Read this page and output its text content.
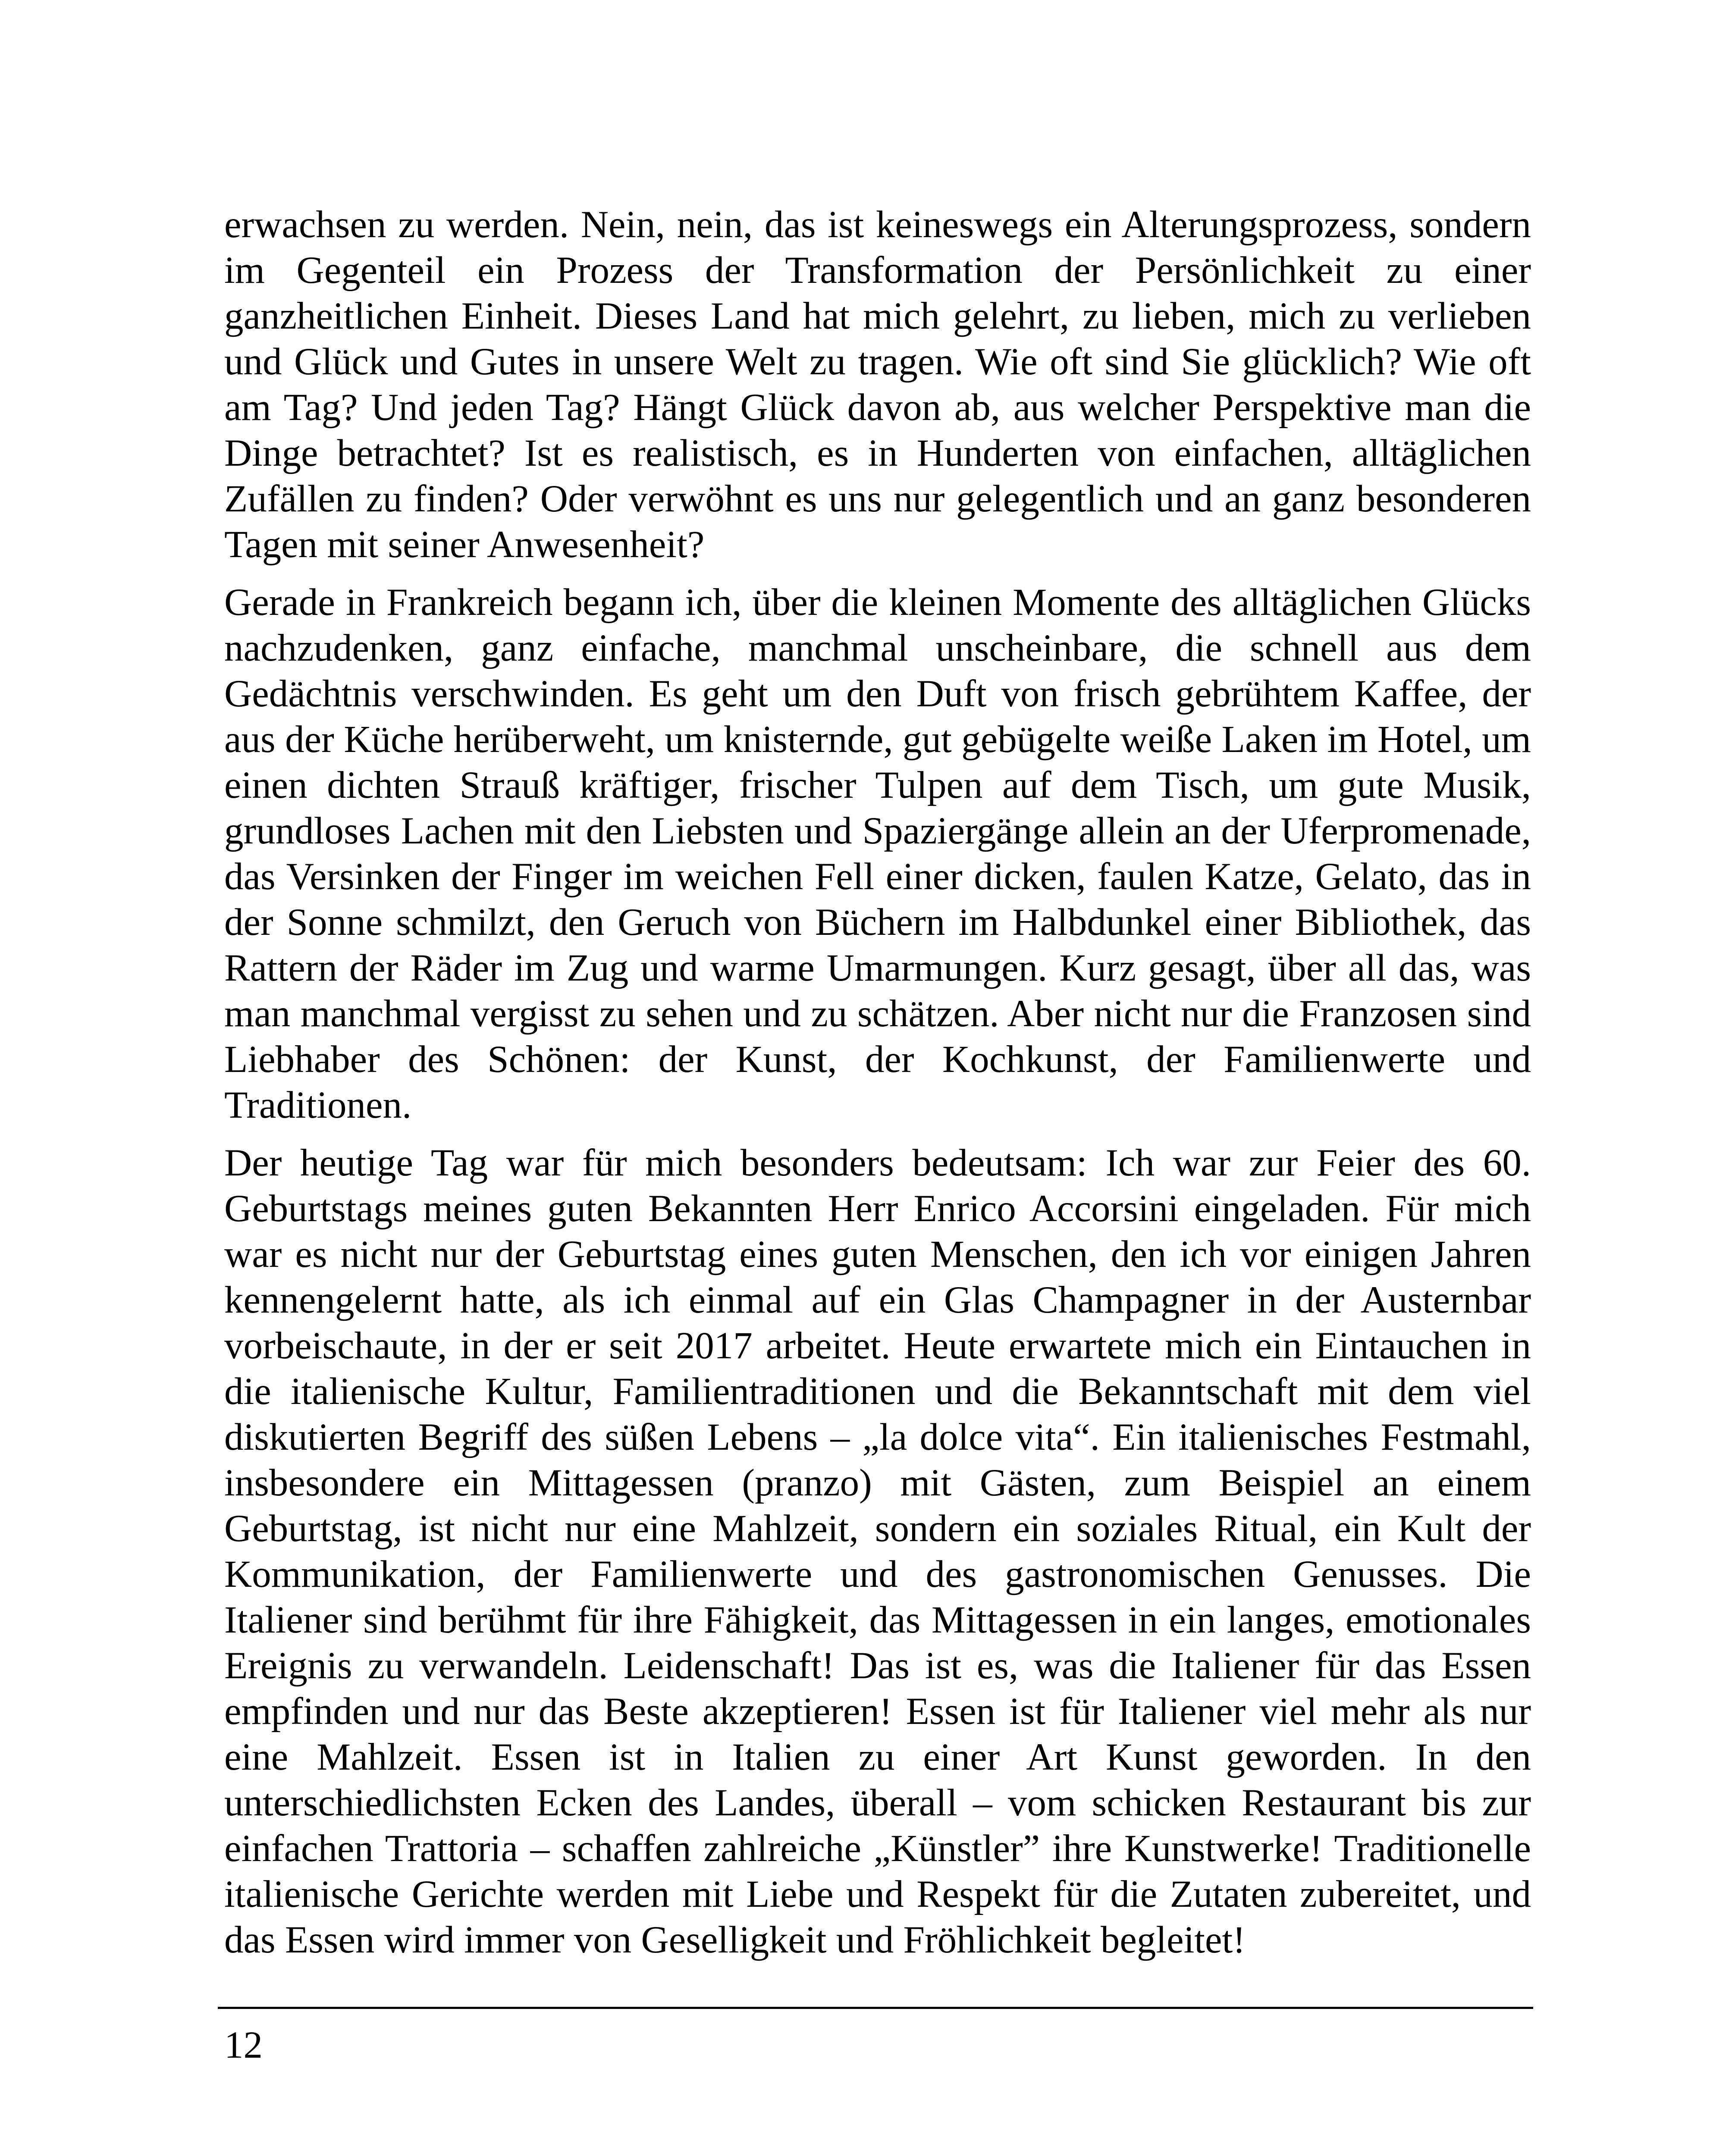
erwachsen zu werden. Nein, nein, das ist keineswegs ein Alterungsprozess, sondern im Gegenteil ein Prozess der Transformation der Persönlichkeit zu einer ganzheitlichen Einheit. Dieses Land hat mich gelehrt, zu lieben, mich zu verlieben und Glück und Gutes in unsere Welt zu tragen. Wie oft sind Sie glücklich? Wie oft am Tag? Und jeden Tag? Hängt Glück davon ab, aus welcher Perspektive man die Dinge betrachtet? Ist es realistisch, es in Hunderten von einfachen, alltäglichen Zufällen zu finden? Oder verwöhnt es uns nur gelegentlich und an ganz besonderen Tagen mit seiner Anwesenheit?

Gerade in Frankreich begann ich, über die kleinen Momente des alltäglichen Glücks nachzudenken, ganz einfache, manchmal unscheinbare, die schnell aus dem Gedächtnis verschwinden. Es geht um den Duft von frisch gebrühtem Kaffee, der aus der Küche herüberweht, um knisternde, gut gebügelte weiße Laken im Hotel, um einen dichten Strauß kräftiger, frischer Tulpen auf dem Tisch, um gute Musik, grundloses Lachen mit den Liebsten und Spaziergänge allein an der Uferpromenade, das Versinken der Finger im weichen Fell einer dicken, faulen Katze, Gelato, das in der Sonne schmilzt, den Geruch von Büchern im Halbdunkel einer Bibliothek, das Rattern der Räder im Zug und warme Umarmungen. Kurz gesagt, über all das, was man manchmal vergisst zu sehen und zu schätzen. Aber nicht nur die Franzosen sind Liebhaber des Schönen: der Kunst, der Kochkunst, der Familienwerte und Traditionen.

Der heutige Tag war für mich besonders bedeutsam: Ich war zur Feier des 60. Geburtstags meines guten Bekannten Herr Enrico Accorsini eingeladen. Für mich war es nicht nur der Geburtstag eines guten Menschen, den ich vor einigen Jahren kennengelernt hatte, als ich einmal auf ein Glas Champagner in der Austernbar vorbeischaute, in der er seit 2017 arbeitet. Heute erwartete mich ein Eintauchen in die italienische Kultur, Familientraditionen und die Bekanntschaft mit dem viel diskutierten Begriff des süßen Lebens – „la dolce vita“. Ein italienisches Festmahl, insbesondere ein Mittagessen (pranzo) mit Gästen, zum Beispiel an einem Geburtstag, ist nicht nur eine Mahlzeit, sondern ein soziales Ritual, ein Kult der Kommunikation, der Familienwerte und des gastronomischen Genusses. Die Italiener sind berühmt für ihre Fähigkeit, das Mittagessen in ein langes, emotionales Ereignis zu verwandeln. Leidenschaft! Das ist es, was die Italiener für das Essen empfinden und nur das Beste akzeptieren! Essen ist für Italiener viel mehr als nur eine Mahlzeit. Essen ist in Italien zu einer Art Kunst geworden. In den unterschiedlichsten Ecken des Landes, überall – vom schicken Restaurant bis zur einfachen Trattoria – schaffen zahlreiche „Künstler” ihre Kunstwerke! Traditionelle italienische Gerichte werden mit Liebe und Respekt für die Zutaten zubereitet, und das Essen wird immer von Geselligkeit und Fröhlichkeit begleitet!

12
